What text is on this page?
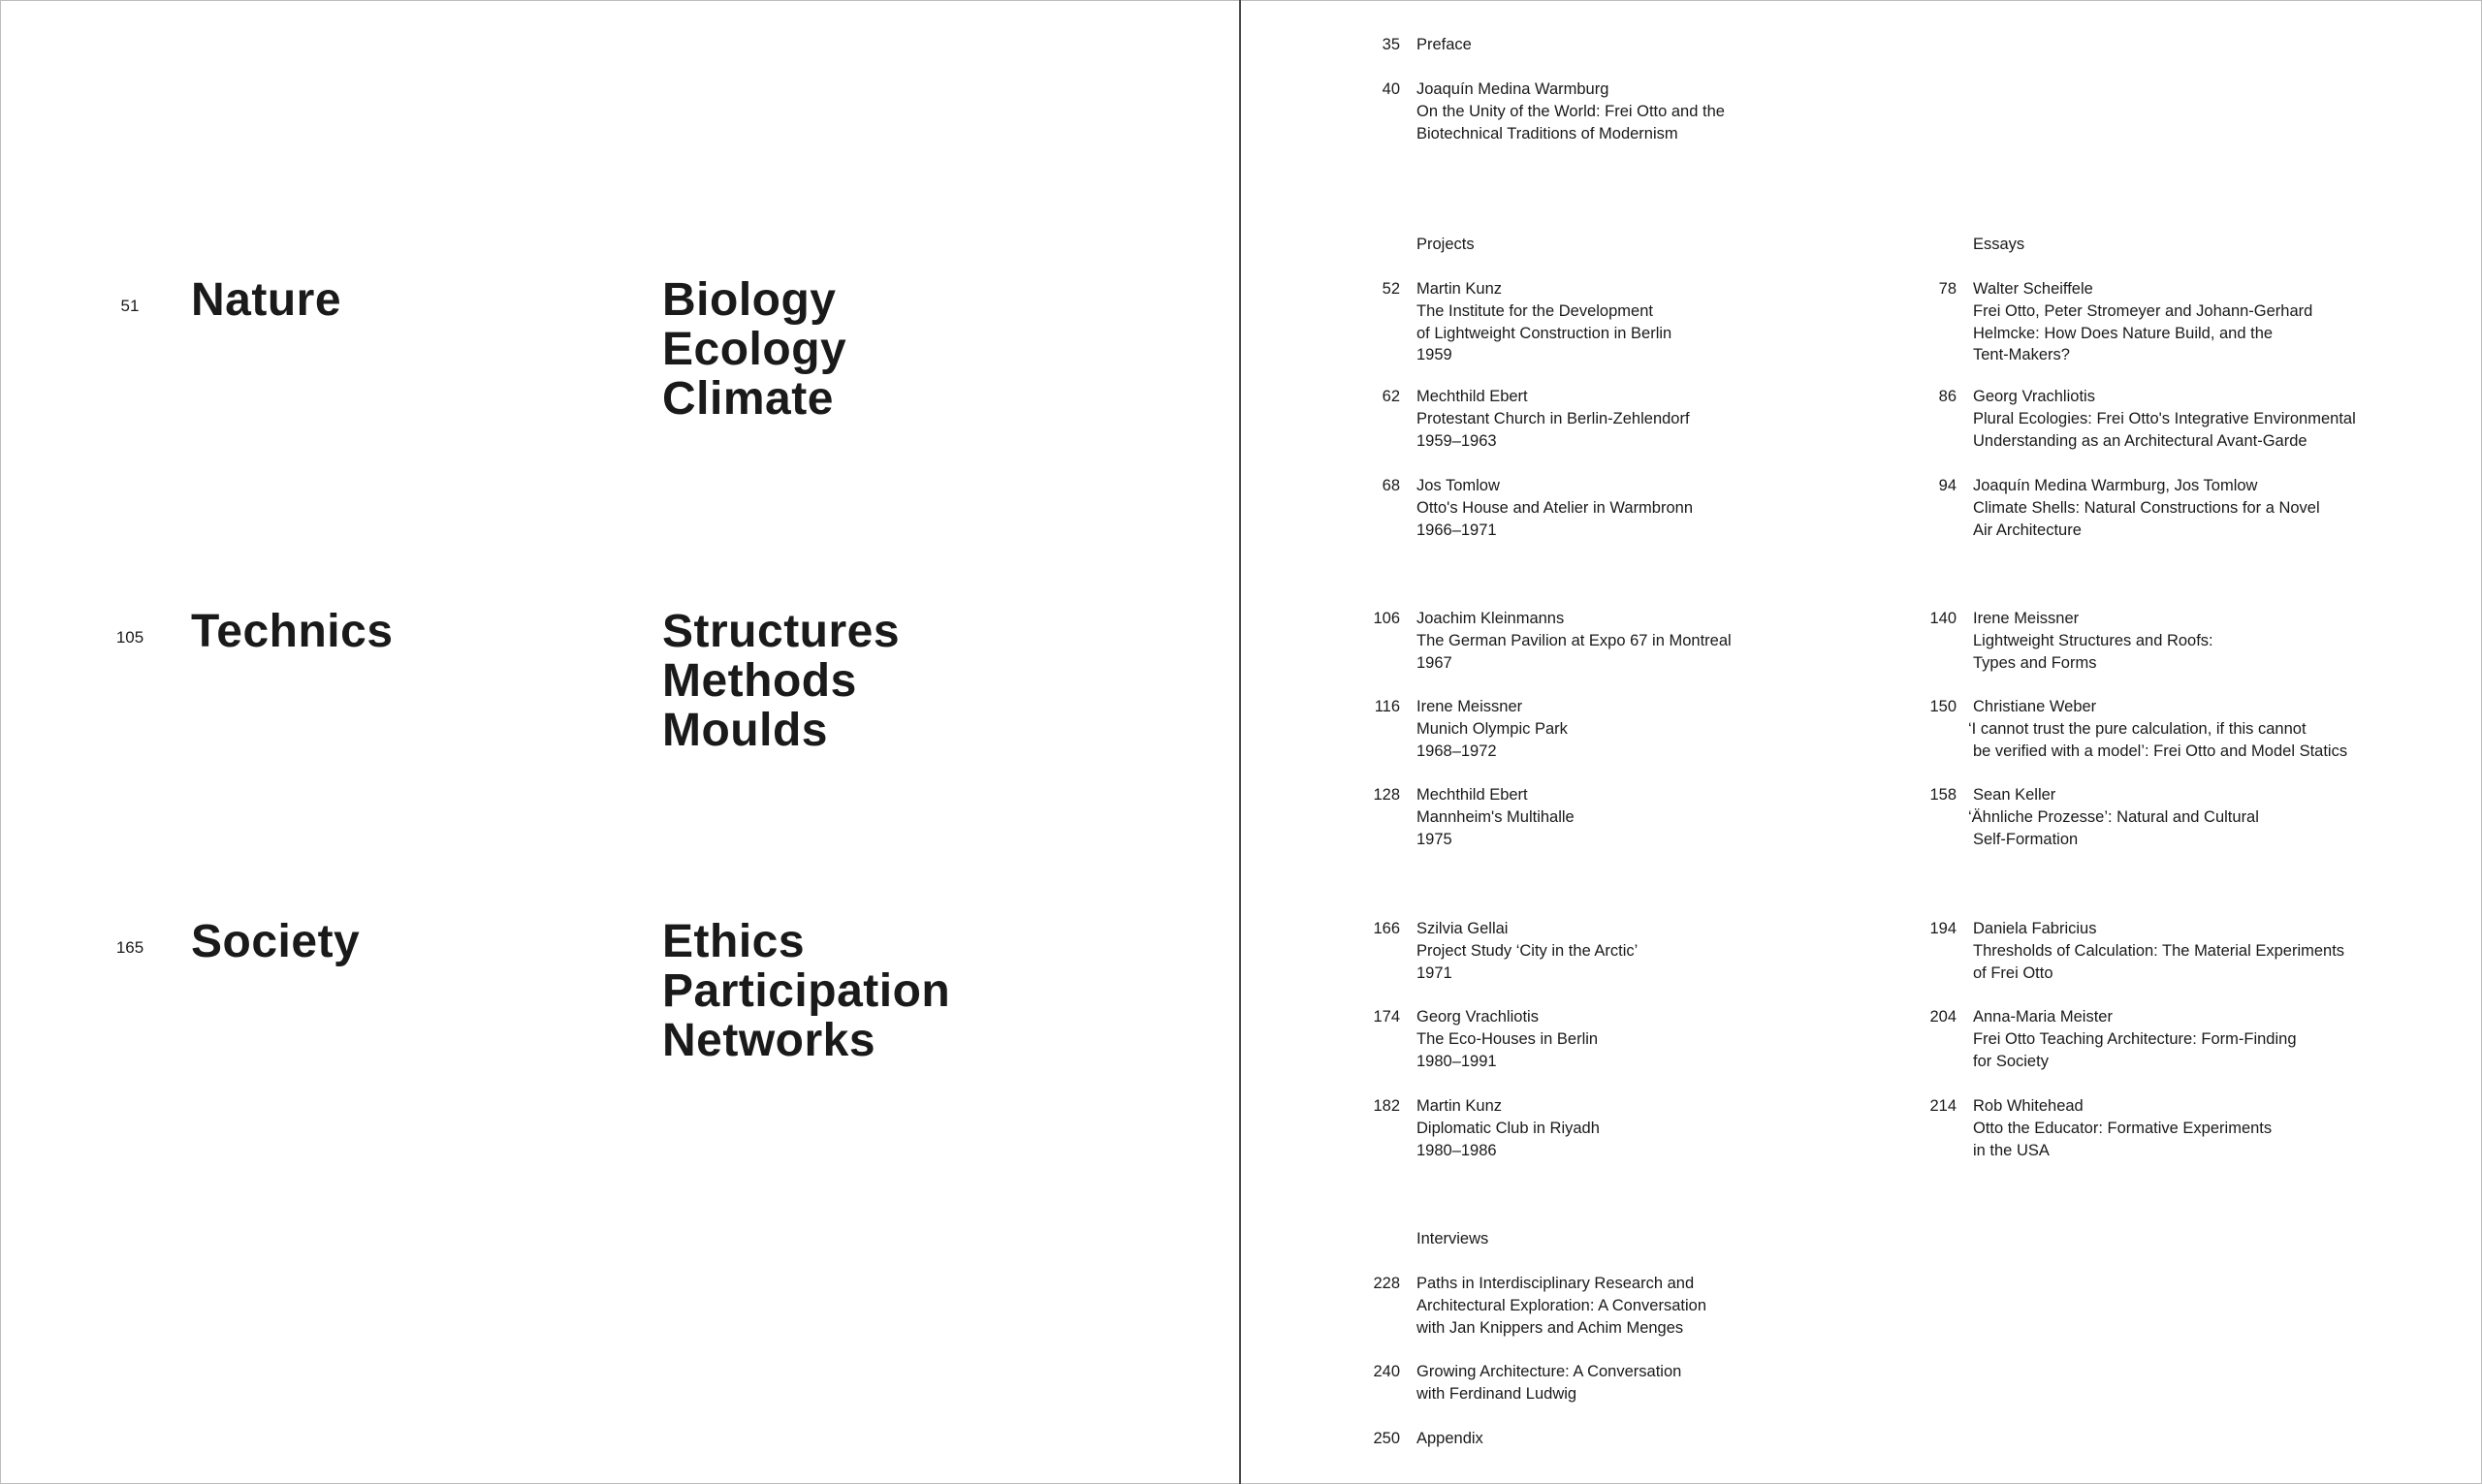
51	Nature	Biology
Ecology
Climate
105	Technics	Structures
Methods
Moulds
165	Society	Ethics
Participation
Networks
35 Preface
40 Joaquín Medina Warmburg
On the Unity of the World: Frei Otto and the
Biotechnical Traditions of Modernism
Projects	Essays
52 Martin Kunz
The Institute for the Development
of Lightweight Construction in Berlin
1959
62 Mechthild Ebert
Protestant Church in Berlin-Zehlendorf
1959–1963
68 Jos Tomlow
Otto's House and Atelier in Warmbronn
1966–1971
106 Joachim Kleinmanns
The German Pavilion at Expo 67 in Montreal
1967
116 Irene Meissner
Munich Olympic Park
1968–1972
128 Mechthild Ebert
Mannheim's Multihalle
1975
166 Szilvia Gellai
Project Study ‘City in the Arctic’
1971
174 Georg Vrachliotis
The Eco-Houses in Berlin
1980–1991
182 Martin Kunz
Diplomatic Club in Riyadh
1980–1986
78 Walter Scheiffele
Frei Otto, Peter Stromeyer and Johann-Gerhard
Helmcke: How Does Nature Build, and the
Tent-Makers?
86 Georg Vrachliotis
Plural Ecologies: Frei Otto's Integrative Environmental
Understanding as an Architectural Avant-Garde
94 Joaquín Medina Warmburg, Jos Tomlow
Climate Shells: Natural Constructions for a Novel
Air Architecture
140 Irene Meissner
Lightweight Structures and Roofs:
Types and Forms
150 Christiane Weber
‘I cannot trust the pure calculation, if this cannot
be verified with a model’: Frei Otto and Model Statics
158 Sean Keller
‘Ähnliche Prozesse’: Natural and Cultural
Self-Formation
194 Daniela Fabricius
Thresholds of Calculation: The Material Experiments
of Frei Otto
204 Anna-Maria Meister
Frei Otto Teaching Architecture: Form-Finding
for Society
214 Rob Whitehead
Otto the Educator: Formative Experiments
in the USA
Interviews
228 Paths in Interdisciplinary Research and
Architectural Exploration: A Conversation
with Jan Knippers and Achim Menges
240 Growing Architecture: A Conversation
with Ferdinand Ludwig
250 Appendix
